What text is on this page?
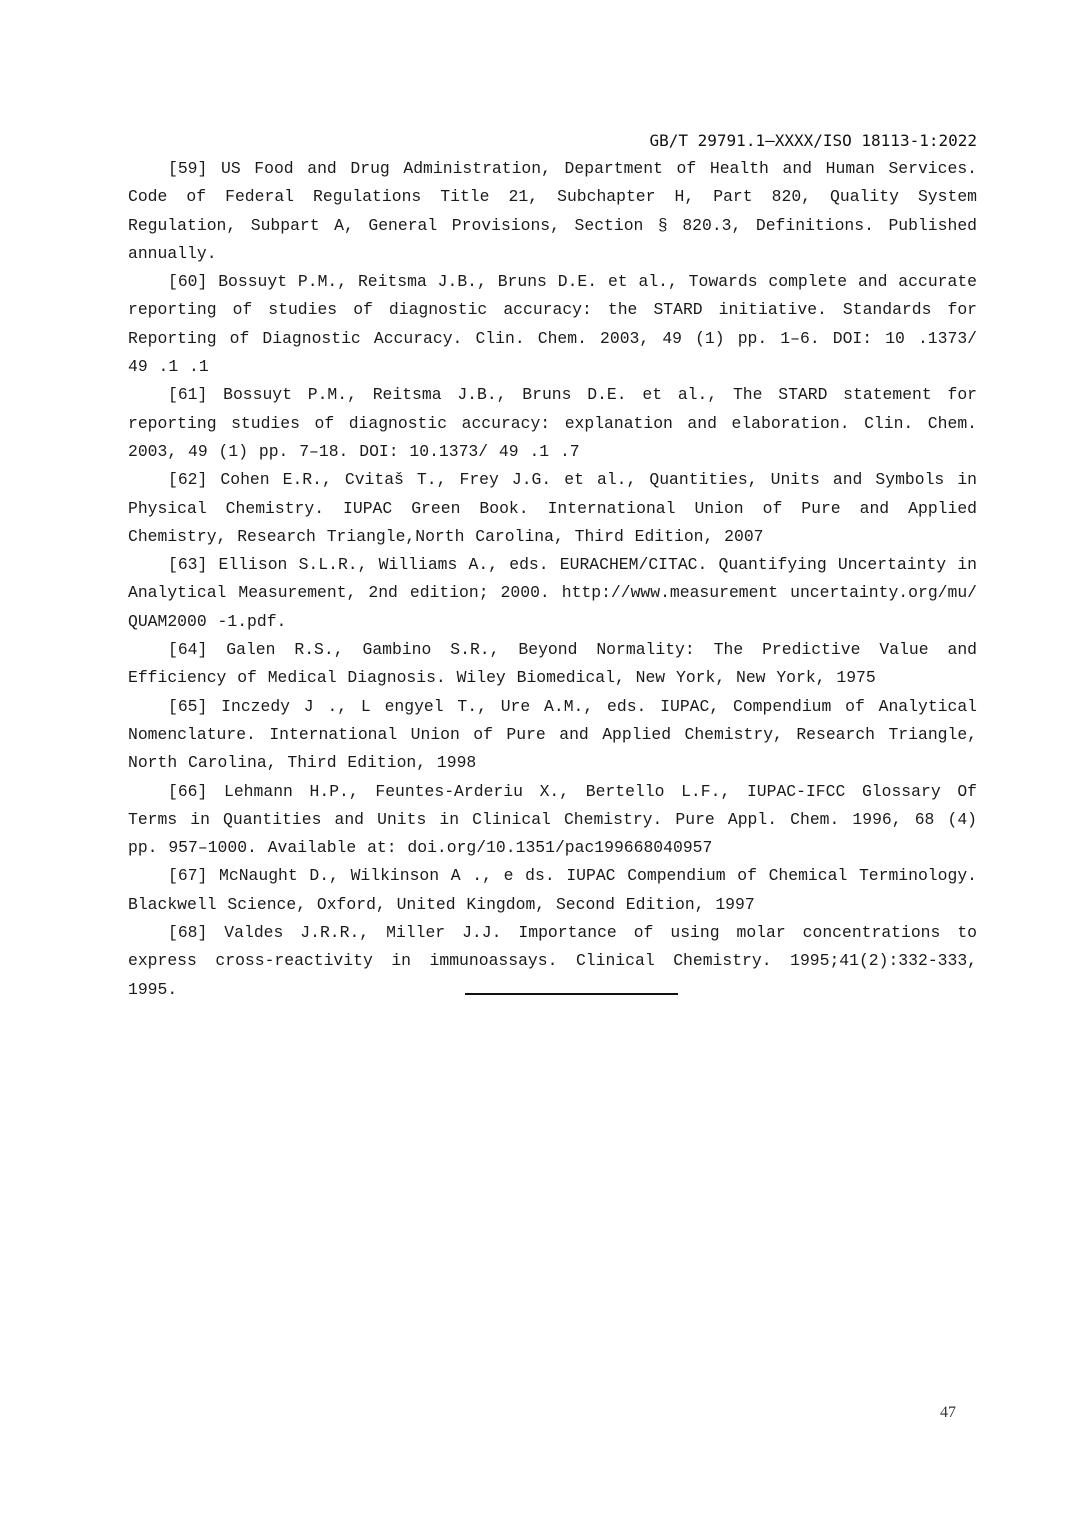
GB/T 29791.1—XXXX/ISO 18113-1:2022

[59] US Food and Drug Administration, Department of Health and Human Services. Code of Federal Regulations Title 21, Subchapter H, Part 820, Quality System Regulation, Subpart A, General Provisions, Section § 820.3, Definitions. Published annually.

[60] Bossuyt P.M., Reitsma J.B., Bruns D.E. et al., Towards complete and accurate reporting of studies of diagnostic accuracy: the STARD initiative. Standards for Reporting of Diagnostic Accuracy. Clin. Chem. 2003, 49 (1) pp. 1–6. DOI: 10 .1373/ 49 .1 .1

[61] Bossuyt P.M., Reitsma J.B., Bruns D.E. et al., The STARD statement for reporting studies of diagnostic accuracy: explanation and elaboration. Clin. Chem. 2003, 49 (1) pp. 7–18. DOI: 10.1373/ 49 .1 .7

[62] Cohen E.R., Cvitaš T., Frey J.G. et al., Quantities, Units and Symbols in Physical Chemistry. IUPAC Green Book. International Union of Pure and Applied Chemistry, Research Triangle,North Carolina, Third Edition, 2007

[63] Ellison S.L.R., Williams A., eds. EURACHEM/CITAC. Quantifying Uncertainty in Analytical Measurement, 2nd edition; 2000. http://www.measurement uncertainty.org/mu/ QUAM2000 -1.pdf.

[64] Galen R.S., Gambino S.R., Beyond Normality: The Predictive Value and Efficiency of Medical Diagnosis. Wiley Biomedical, New York, New York, 1975

[65] Inczedy J ., L engyel T., Ure A.M., eds. IUPAC, Compendium of Analytical Nomenclature. International Union of Pure and Applied Chemistry, Research Triangle, North Carolina, Third Edition, 1998

[66] Lehmann H.P., Feuntes-Arderiu X., Bertello L.F., IUPAC-IFCC Glossary Of Terms in Quantities and Units in Clinical Chemistry. Pure Appl. Chem. 1996, 68 (4) pp. 957–1000. Available at: doi.org/10.1351/pac199668040957

[67] McNaught D., Wilkinson A ., e ds. IUPAC Compendium of Chemical Terminology. Blackwell Science, Oxford, United Kingdom, Second Edition, 1997

[68] Valdes J.R.R., Miller J.J. Importance of using molar concentrations to express cross-reactivity in immunoassays. Clinical Chemistry. 1995;41(2):332-333, 1995.

47
